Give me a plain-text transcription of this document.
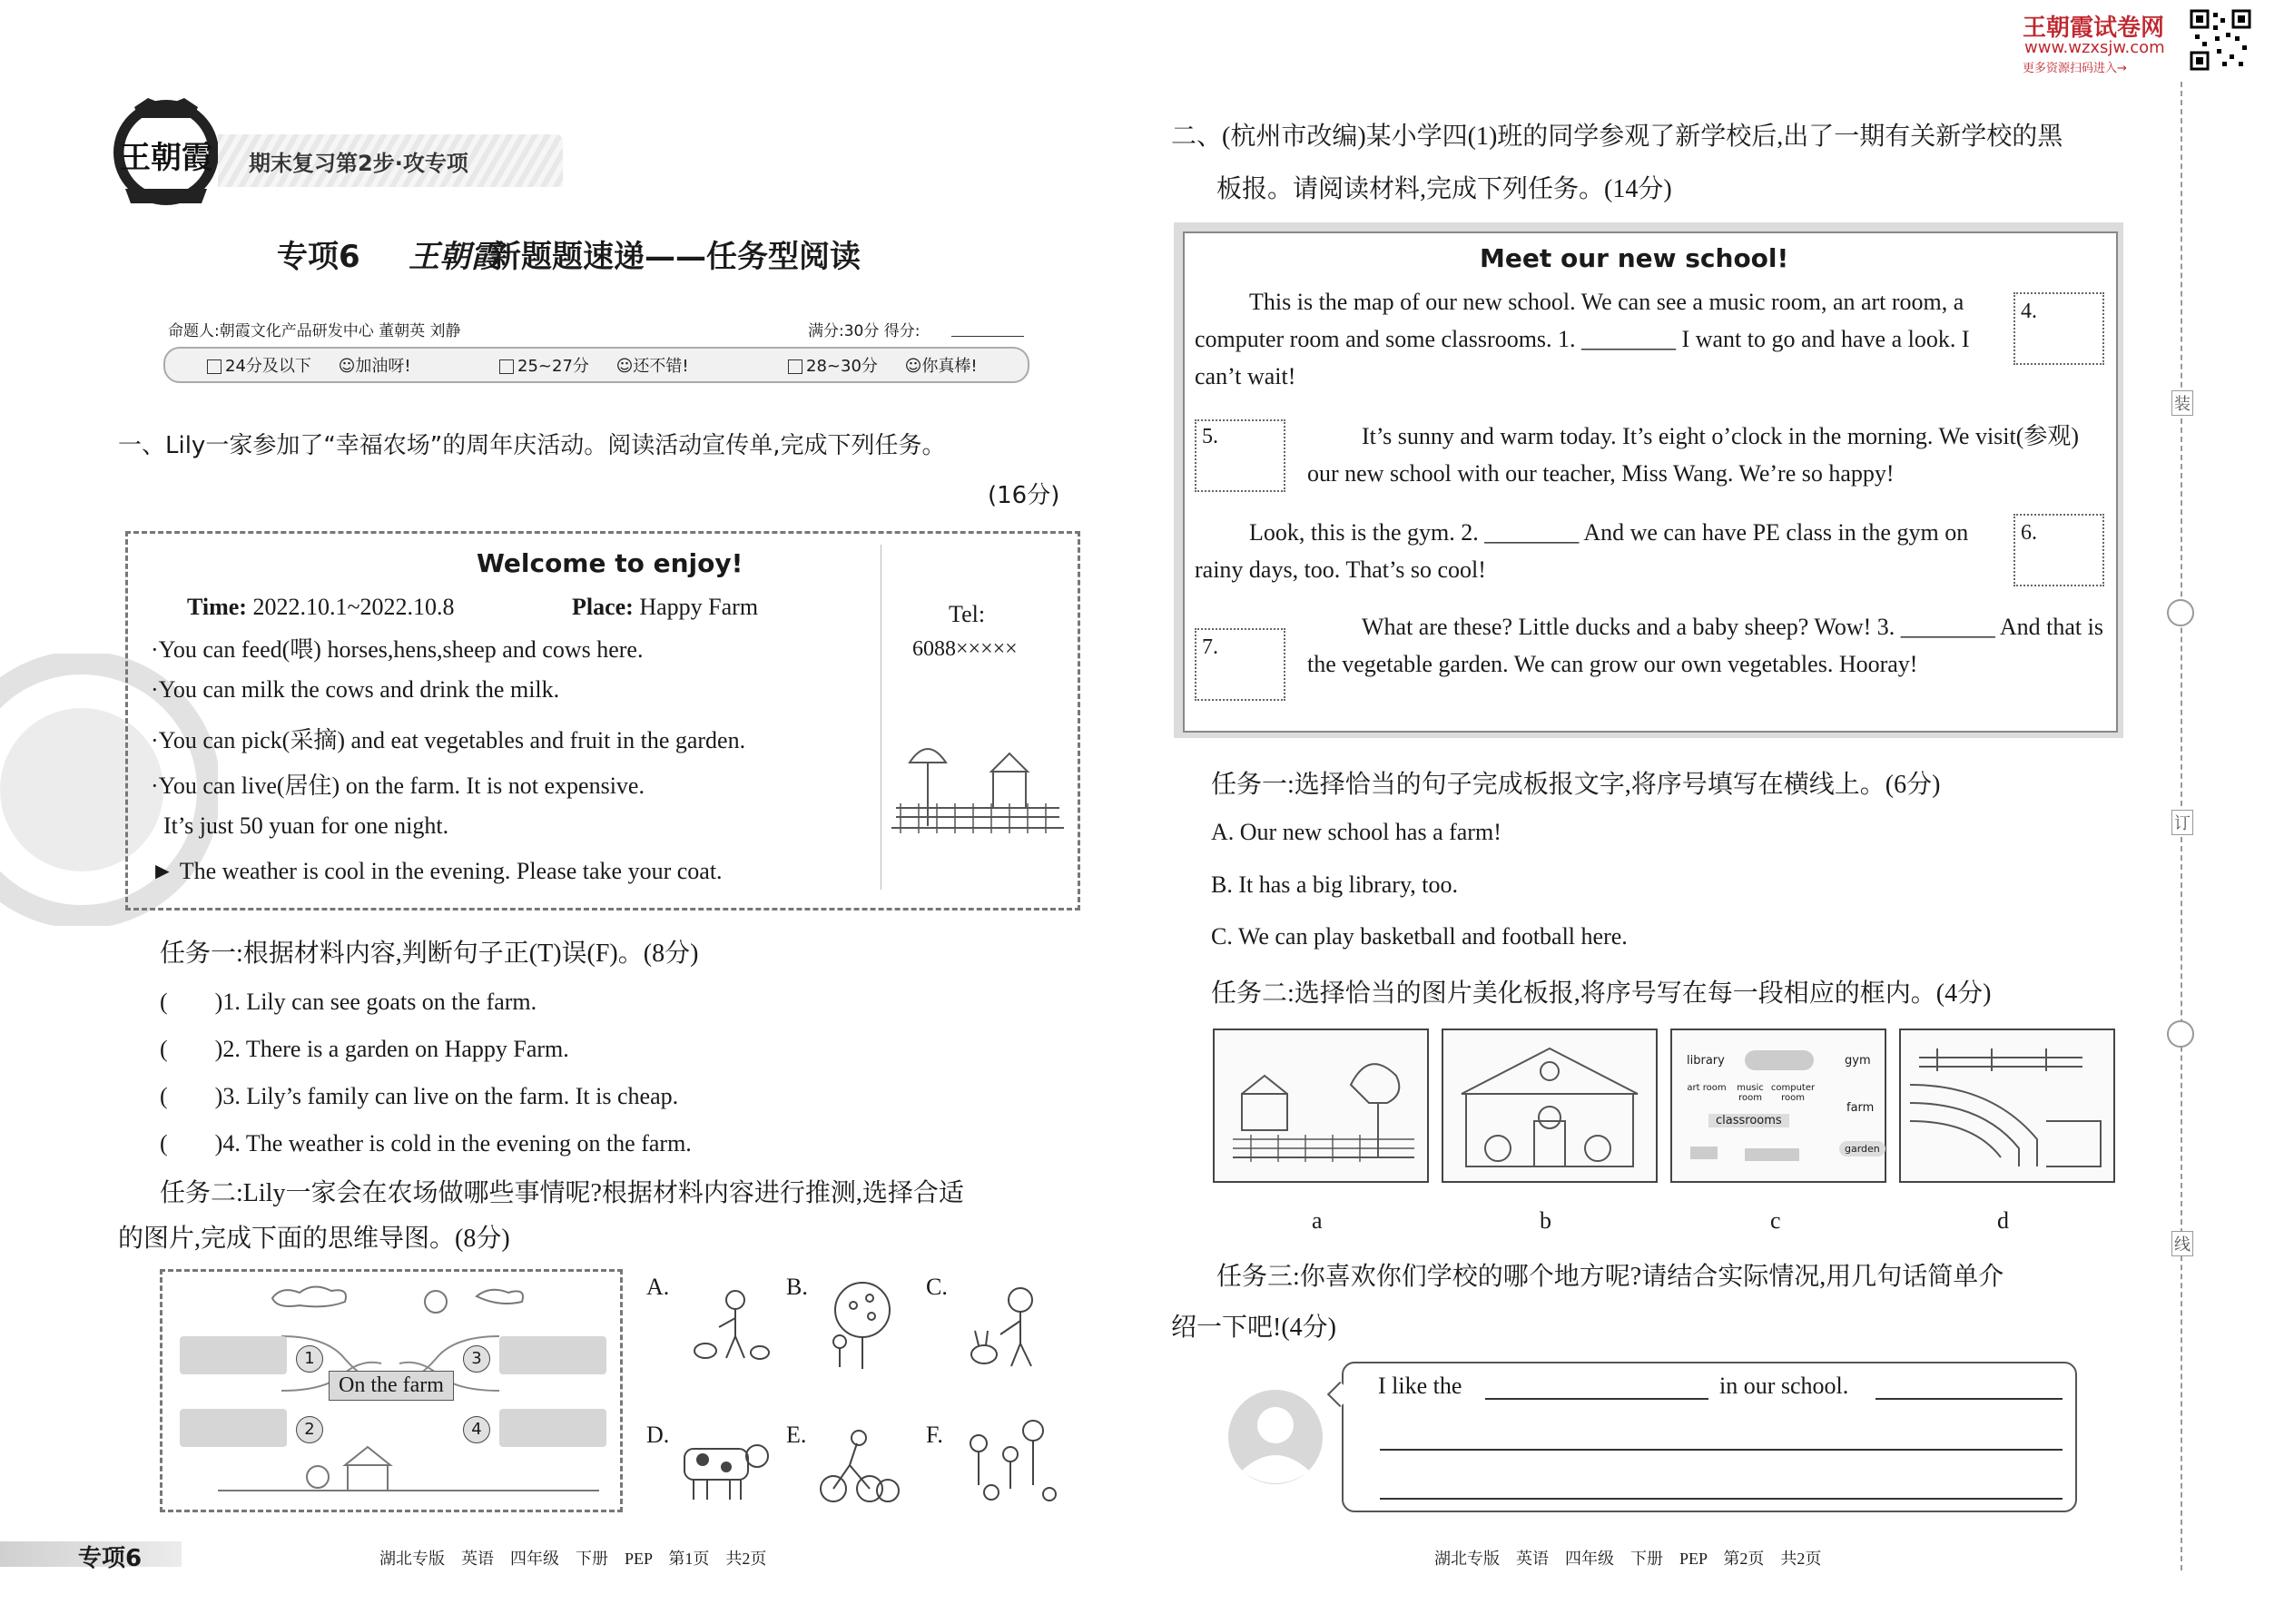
王朝霞试卷网
www.wzxsjw.com
更多资源扫码进入→
王朝霞 期末复习第2步·攻专项
专项6 王朝霞
新题题速递——任务型阅读
命题人:朝霞文化产品研发中心 董朝英 刘静	满分:30分 得分:
24分及以下 ☺加油呀!	25~27分 ☺还不错!	28~30分 ☺你真棒!
一、Lily一家参加了“幸福农场”的周年庆活动。阅读活动宣传单,完成下列任务。
(16分)
Welcome to enjoy!
Time: 2022.10.1~2022.10.8	Place: Happy Farm	Tel:
6088×××××
·You can feed(喂) horses,hens,sheep and cows here.
·You can milk the cows and drink the milk.
·You can pick(采摘) and eat vegetables and fruit in the garden.
·You can live(居住) on the farm. It is not expensive.
It’s just 50 yuan for one night.
► The weather is cool in the evening. Please take your coat.
任务一:根据材料内容,判断句子正(T)误(F)。(8分)
(　　)1. Lily can see goats on the farm.
(　　)2. There is a garden on Happy Farm.
(　　)3. Lily’s family can live on the farm. It is cheap.
(　　)4. The weather is cold in the evening on the farm.
任务二:Lily一家会在农场做哪些事情呢?根据材料内容进行推测,选择合适
的图片,完成下面的思维导图。(8分)
1
2
3
4
On the farm
A.	B.	C.
D.	E.	F.
专项6	湖北专版　英语　四年级　下册　PEP　第1页　共2页
二、(杭州市改编)某小学四(1)班的同学参观了新学校后,出了一期有关新学校的黑
板报。请阅读材料,完成下列任务。(14分)
Meet our new school!
This is the map of our new school. We can see a music room, an art room, a computer room and some classrooms. 1. ________ I want to go and have a look. I can’t wait!
4.
5.	It’s sunny and warm today. It’s eight o’clock in the morning. We visit(参观) our new school with our teacher, Miss Wang. We’re so happy!
Look, this is the gym. 2. ________ And we can have PE class in the gym on rainy days, too. That’s so cool!
6.
7.
What are these? Little ducks and a baby sheep? Wow! 3. ________ And that is the vegetable garden. We can grow our own vegetables. Hooray!
任务一:选择恰当的句子完成板报文字,将序号填写在横线上。(6分)
A. Our new school has a farm!
B. It has a big library, too.
C. We can play basketball and football here.
任务二:选择恰当的图片美化板报,将序号写在每一段相应的框内。(4分)
library	gym
art room	music room
computer room
classrooms
farm
garden
a	b	c	d
任务三:你喜欢你们学校的哪个地方呢?请结合实际情况,用几句话简单介
绍一下吧!(4分)
I like the	in our school.
湖北专版　英语　四年级　下册　PEP　第2页　共2页
装
订
线
